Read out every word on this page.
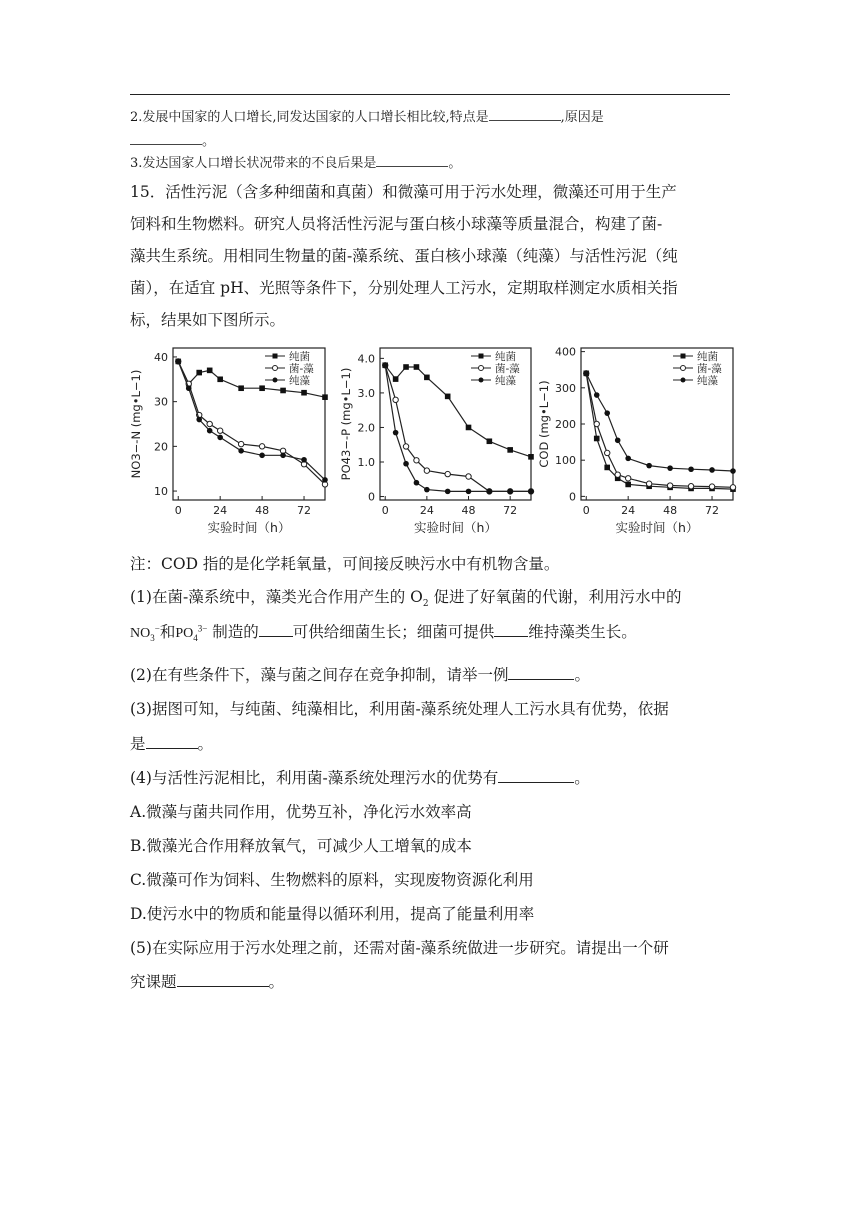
2.发展中国家的人口增长,同发达国家的人口增长相比较,特点是	,原因是
。
3.发达国家人口增长状况带来的不良后果是	。
15．活性污泥（含多种细菌和真菌）和微藻可用于污水处理，微藻还可用于生产
饲料和生物燃料。研究人员将活性污泥与蛋白核小球藻等质量混合，构建了菌-
藻共生系统。用相同生物量的菌-藻系统、蛋白核小球藻（纯藻）与活性污泥（纯
菌），在适宜 pH、光照等条件下，分别处理人工污水，定期取样测定水质相关指
标，结果如下图所示。
10
20
30
40
0	24	48	72
实验时间（h）
NO3−-N (mg•L−1)
纯菌
菌-藻
纯藻
0
1.0
2.0
3.0
4.0
0	24	48	72
实验时间（h）
PO43−-P (mg•L−1)
纯菌
菌-藻
纯藻
0
100
200
300
400
0	24	48	72
实验时间（h）
COD (mg•L−1)
纯菌
菌-藻
纯藻
注：COD 指的是化学耗氧量，可间接反映污水中有机物含量。
(1)在菌-藻系统中，藻类光合作用产生的 $O_2$ 促进了好氧菌的代谢，利用污水中的
$NO_3^-$和$PO_4^{3-}$ 制造的 可供给细菌生长；细菌可提供 维持藻类生长。
(2)在有些条件下，藻与菌之间存在竞争抑制，请举一例	。
(3)据图可知，与纯菌、纯藻相比，利用菌-藻系统处理人工污水具有优势，依据
是	。
(4)与活性污泥相比，利用菌-藻系统处理污水的优势有	。
A.微藻与菌共同作用，优势互补，净化污水效率高
B.微藻光合作用释放氧气，可减少人工增氧的成本
C.微藻可作为饲料、生物燃料的原料，实现废物资源化利用
D.使污水中的物质和能量得以循环利用，提高了能量利用率
(5)在实际应用于污水处理之前，还需对菌-藻系统做进一步研究。请提出一个研
究课题	。
